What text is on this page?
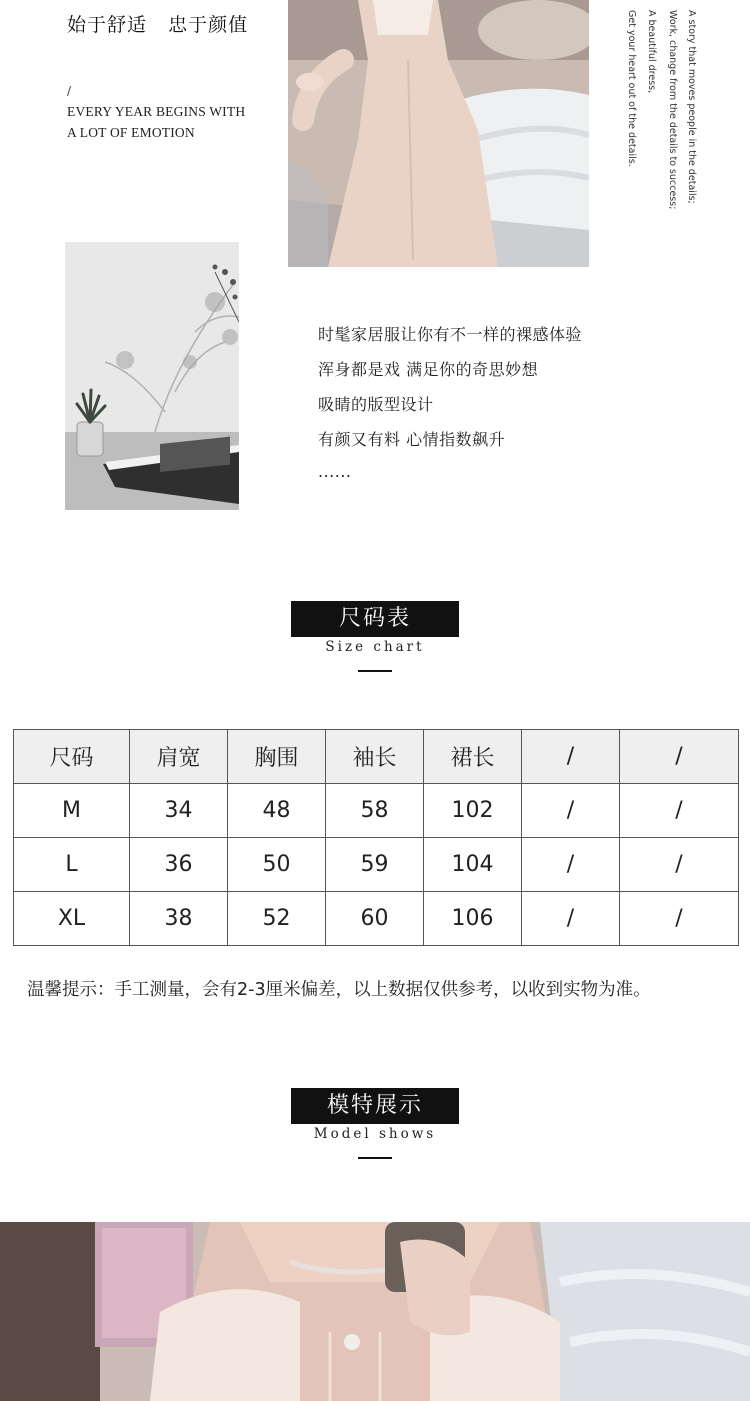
始于舒适   忠于颜值
/
EVERY YEAR BEGINS WITH
A LOT OF EMOTION	A story that moves people in the details;
Work, change from the details to success;
A beautiful dress,
Get your heart out of the details.
时髦家居服让你有不一样的裸感体验
浑身都是戏 满足你的奇思妙想
吸睛的版型设计
有颜又有料 心情指数飙升
......
尺码表
Size chart
尺码	肩宽	胸围	袖长	裙长	/	/
M	34	48	58	102	/	/
L	36	50	59	104	/	/
XL	38	52	60	106	/	/
温馨提示：手工测量，会有2-3厘米偏差，以上数据仅供参考，以收到实物为准。
模特展示
Model shows
